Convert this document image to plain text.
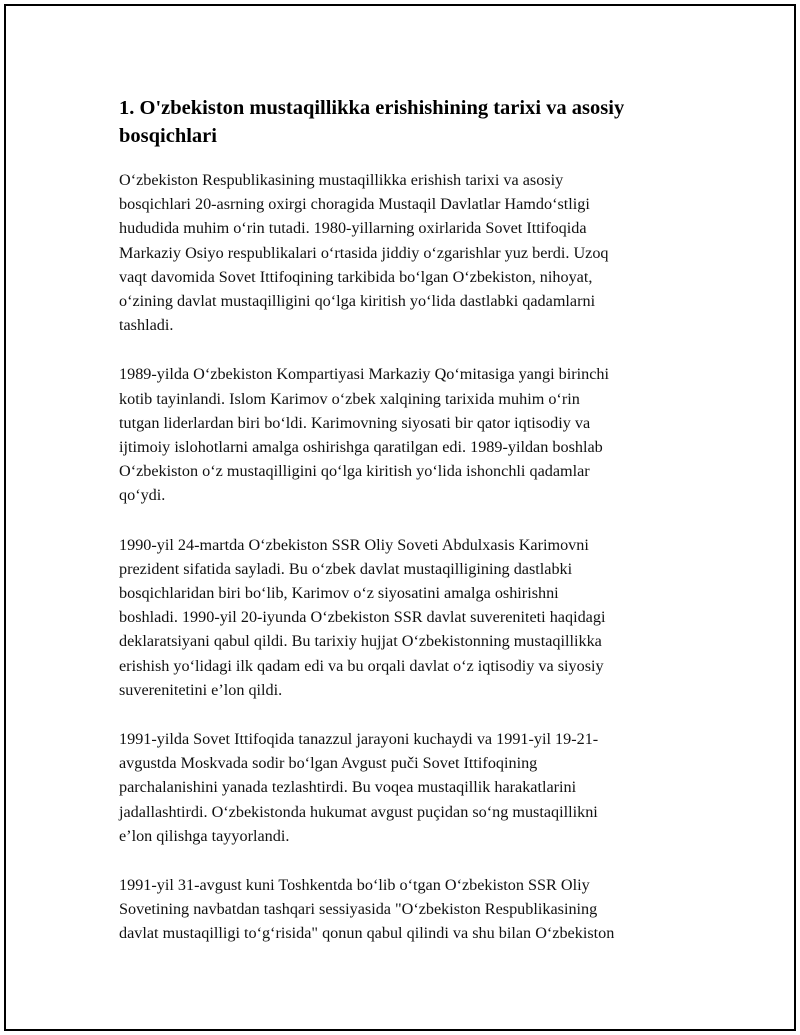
1. O'zbekiston mustaqillikka erishishining tarixi va asosiy bosqichlari

O‘zbekiston Respublikasining mustaqillikka erishish tarixi va asosiy
bosqichlari 20-asrning oxirgi choragida Mustaqil Davlatlar Hamdo‘stligi
hududida muhim o‘rin tutadi. 1980-yillarning oxirlarida Sovet Ittifoqida
Markaziy Osiyo respublikalari o‘rtasida jiddiy o‘zgarishlar yuz berdi. Uzoq
vaqt davomida Sovet Ittifoqining tarkibida bo‘lgan O‘zbekiston, nihoyat,
o‘zining davlat mustaqilligini qo‘lga kiritish yo‘lida dastlabki qadamlarni
tashladi.

1989-yilda O‘zbekiston Kompartiyasi Markaziy Qo‘mitasiga yangi birinchi
kotib tayinlandi. Islom Karimov o‘zbek xalqining tarixida muhim o‘rin
tutgan liderlardan biri bo‘ldi. Karimovning siyosati bir qator iqtisodiy va
ijtimoiy islohotlarni amalga oshirishga qaratilgan edi. 1989-yildan boshlab
O‘zbekiston o‘z mustaqilligini qo‘lga kiritish yo‘lida ishonchli qadamlar
qo‘ydi.

1990-yil 24-martda O‘zbekiston SSR Oliy Soveti Abdulxasis Karimovni
prezident sifatida sayladi. Bu o‘zbek davlat mustaqilligining dastlabki
bosqichlaridan biri bo‘lib, Karimov o‘z siyosatini amalga oshirishni
boshladi. 1990-yil 20-iyunda O‘zbekiston SSR davlat suvereniteti haqidagi
deklaratsiyani qabul qildi. Bu tarixiy hujjat O‘zbekistonning mustaqillikka
erishish yo‘lidagi ilk qadam edi va bu orqali davlat o‘z iqtisodiy va siyosiy
suverenitetini e’lon qildi.

1991-yilda Sovet Ittifoqida tanazzul jarayoni kuchaydi va 1991-yil 19-21-
avgustda Moskvada sodir bo‘lgan Avgust puči Sovet Ittifoqining
parchalanishini yanada tezlashtirdi. Bu voqea mustaqillik harakatlarini
jadallashtirdi. O‘zbekistonda hukumat avgust puçidan so‘ng mustaqillikni
e’lon qilishga tayyorlandi.

1991-yil 31-avgust kuni Toshkentda bo‘lib o‘tgan O‘zbekiston SSR Oliy
Sovetining navbatdan tashqari sessiyasida "O‘zbekiston Respublikasining
davlat mustaqilligi to‘g‘risida" qonun qabul qilindi va shu bilan O‘zbekiston
